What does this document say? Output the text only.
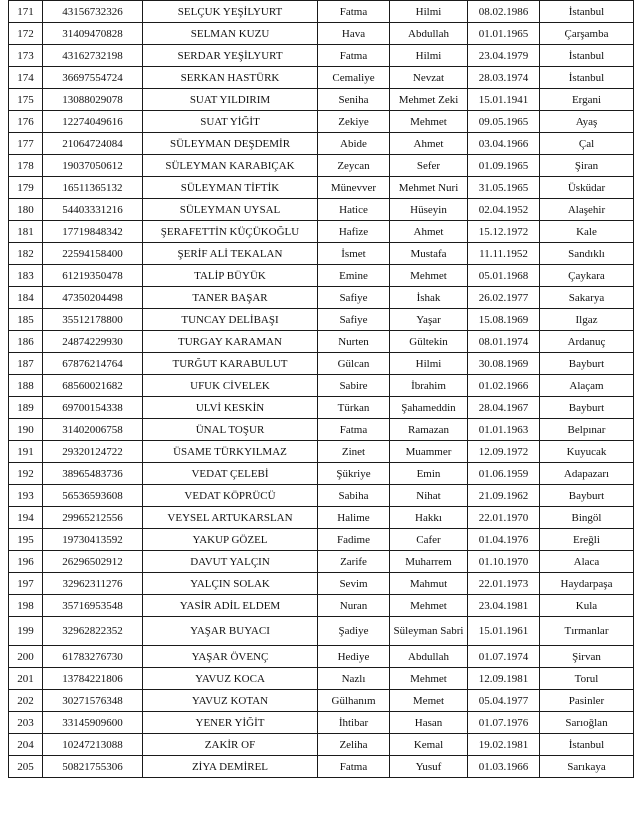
171	43156732326	SELÇUK YEŞİLYURT	Fatma	Hilmi	08.02.1986	İstanbul
172	31409470828	SELMAN KUZU	Hava	Abdullah	01.01.1965	Çarşamba
173	43162732198	SERDAR YEŞİLYURT	Fatma	Hilmi	23.04.1979	İstanbul
174	36697554724	SERKAN HASTÜRK	Cemaliye	Nevzat	28.03.1974	İstanbul
175	13088029078	SUAT YILDIRIM	Seniha	Mehmet Zeki	15.01.1941	Ergani
176	12274049616	SUAT YİĞİT	Zekiye	Mehmet	09.05.1965	Ayaş
177	21064724084	SÜLEYMAN DEŞDEMİR	Abide	Ahmet	03.04.1966	Çal
178	19037050612	SÜLEYMAN KARABIÇAK	Zeycan	Sefer	01.09.1965	Şiran
179	16511365132	SÜLEYMAN TİFTİK	Münevver	Mehmet Nuri	31.05.1965	Üsküdar
180	54403331216	SÜLEYMAN UYSAL	Hatice	Hüseyin	02.04.1952	Alaşehir
181	17719848342	ŞERAFETTİN KÜÇÜKOĞLU	Hafize	Ahmet	15.12.1972	Kale
182	22594158400	ŞERİF ALİ TEKALAN	İsmet	Mustafa	11.11.1952	Sandıklı
183	61219350478	TALİP BÜYÜK	Emine	Mehmet	05.01.1968	Çaykara
184	47350204498	TANER BAŞAR	Safiye	İshak	26.02.1977	Sakarya
185	35512178800	TUNCAY DELİBAŞI	Safiye	Yaşar	15.08.1969	Ilgaz
186	24874229930	TURGAY KARAMAN	Nurten	Gültekin	08.01.1974	Ardanuç
187	67876214764	TURĞUT KARABULUT	Gülcan	Hilmi	30.08.1969	Bayburt
188	68560021682	UFUK CİVELEK	Sabire	İbrahim	01.02.1966	Alaçam
189	69700154338	ULVİ KESKİN	Türkan	Şahameddin	28.04.1967	Bayburt
190	31402006758	ÜNAL TOŞUR	Fatma	Ramazan	01.01.1963	Belpınar
191	29320124722	ÜSAME TÜRKYILMAZ	Zinet	Muammer	12.09.1972	Kuyucak
192	38965483736	VEDAT ÇELEBİ	Şükriye	Emin	01.06.1959	Adapazarı
193	56536593608	VEDAT KÖPRÜCÜ	Sabiha	Nihat	21.09.1962	Bayburt
194	29965212556	VEYSEL ARTUKARSLAN	Halime	Hakkı	22.01.1970	Bingöl
195	19730413592	YAKUP GÖZEL	Fadime	Cafer	01.04.1976	Ereğli
196	26296502912	DAVUT YALÇIN	Zarife	Muharrem	01.10.1970	Alaca
197	32962311276	YALÇIN SOLAK	Sevim	Mahmut	22.01.1973	Haydarpaşa
198	35716953548	YASİR ADİL ELDEM	Nuran	Mehmet	23.04.1981	Kula
199	32962822352	YAŞAR BUYACI	Şadiye	Süleyman Sabri	15.01.1961	Tırmanlar
200	61783276730	YAŞAR ÖVENÇ	Hediye	Abdullah	01.07.1974	Şirvan
201	13784221806	YAVUZ KOCA	Nazlı	Mehmet	12.09.1981	Torul
202	30271576348	YAVUZ KOTAN	Gülhanım	Memet	05.04.1977	Pasinler
203	33145909600	YENER YİĞİT	İhtibar	Hasan	01.07.1976	Sarıoğlan
204	10247213088	ZAKİR OF	Zeliha	Kemal	19.02.1981	İstanbul
205	50821755306	ZİYA DEMİREL	Fatma	Yusuf	01.03.1966	Sarıkaya
